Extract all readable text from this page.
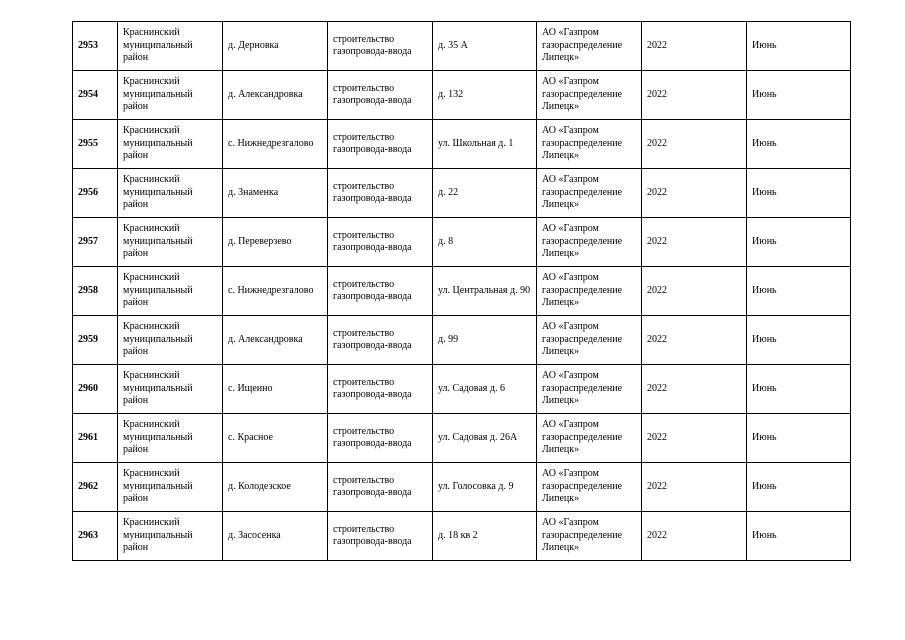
2953	Краснинский муниципальный район	д. Дерновка	строительство газопровода-ввода	д. 35 А	АО «Газпром газораспределение Липецк»	2022	Июнь

2954	Краснинский муниципальный район	д. Александровка	строительство газопровода-ввода	д. 132	АО «Газпром газораспределение Липецк»	2022	Июнь

2955	Краснинский муниципальный район	с. Нижнедрезгалово	строительство газопровода-ввода	ул. Школьная д. 1	АО «Газпром газораспределение Липецк»	2022	Июнь

2956	Краснинский муниципальный район	д. Знаменка	строительство газопровода-ввода	д. 22	АО «Газпром газораспределение Липецк»	2022	Июнь

2957	Краснинский муниципальный район	д. Переверзево	строительство газопровода-ввода	д. 8	АО «Газпром газораспределение Липецк»	2022	Июнь

2958	Краснинский муниципальный район	с. Нижнедрезгалово	строительство газопровода-ввода	ул. Центральная д. 90	АО «Газпром газораспределение Липецк»	2022	Июнь

2959	Краснинский муниципальный район	д. Александровка	строительство газопровода-ввода	д. 99	АО «Газпром газораспределение Липецк»	2022	Июнь

2960	Краснинский муниципальный район	с. Ищеино	строительство газопровода-ввода	ул. Садовая д. 6	АО «Газпром газораспределение Липецк»	2022	Июнь

2961	Краснинский муниципальный район	с. Красное	строительство газопровода-ввода	ул. Садовая д. 26А	АО «Газпром газораспределение Липецк»	2022	Июнь

2962	Краснинский муниципальный район	д. Колодезское	строительство газопровода-ввода	ул. Голосовка д. 9	АО «Газпром газораспределение Липецк»	2022	Июнь

2963	Краснинский муниципальный район	д. Засосенка	строительство газопровода-ввода	д. 18 кв 2	АО «Газпром газораспределение Липецк»	2022	Июнь
